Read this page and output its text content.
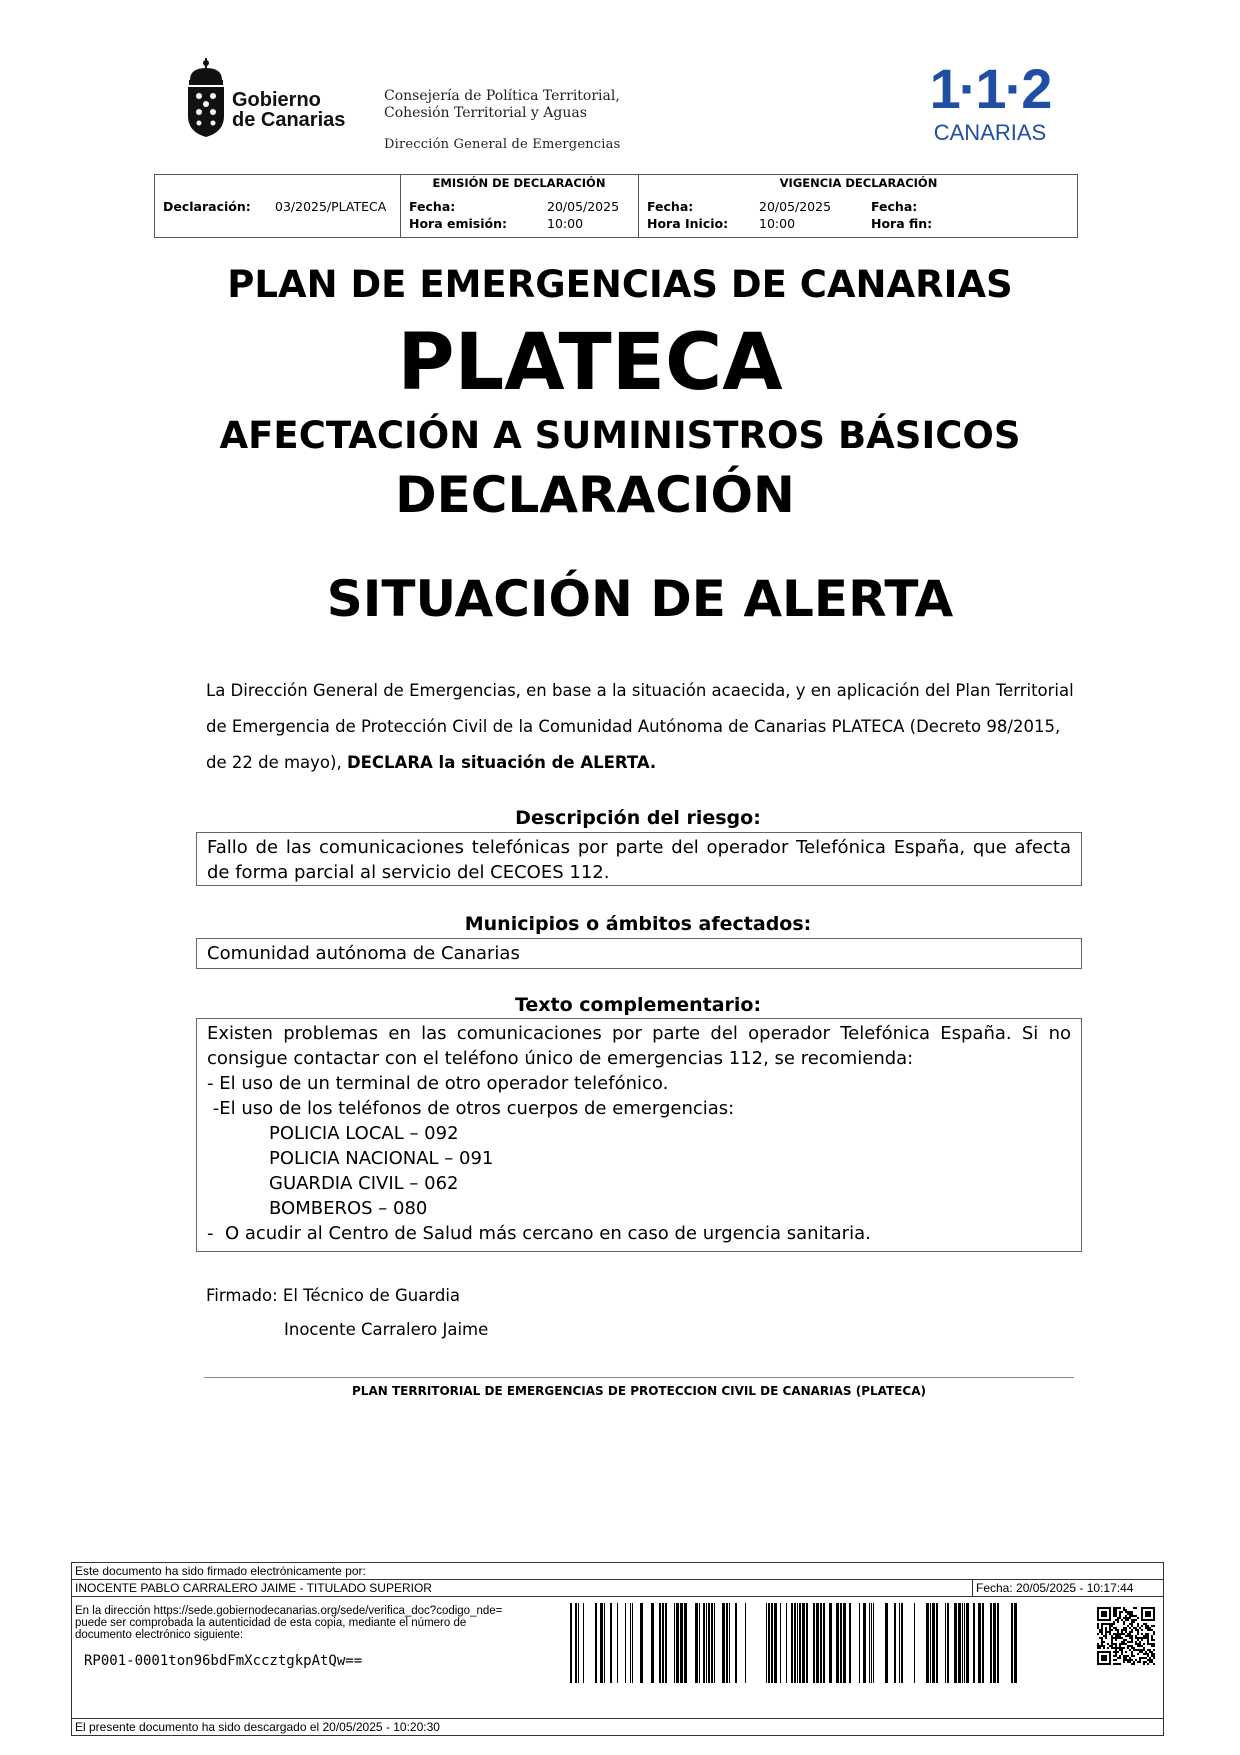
Gobierno
de Canarias
Consejería de Política Territorial,
Cohesión Territorial y Aguas
Dirección General de Emergencias
1·1·2
CANARIAS
Declaración: 03/2025/PLATECA
EMISIÓN DE DECLARACIÓN
Fecha:	20/05/2025
Hora emisión:	10:00
VIGENCIA DECLARACIÓN
Fecha:	20/05/2025
Hora Inicio: 10:00
Fecha:
Hora fin:
PLAN DE EMERGENCIAS DE CANARIAS
PLATECA
AFECTACIÓN A SUMINISTROS BÁSICOS
DECLARACIÓN
SITUACIÓN DE ALERTA
La Dirección General de Emergencias, en base a la situación acaecida, y en aplicación del Plan Territorial de Emergencia de Protección Civil de la Comunidad Autónoma de Canarias PLATECA (Decreto 98/2015, de 22 de mayo), DECLARA la situación de ALERTA.
Descripción del riesgo:
Fallo de las comunicaciones telefónicas por parte del operador Telefónica España, que afecta de forma parcial al servicio del CECOES 112.
Municipios o ámbitos afectados:
Comunidad autónoma de Canarias
Texto complementario:
Existen problemas en las comunicaciones por parte del operador Telefónica España. Si no consigue contactar con el teléfono único de emergencias 112, se recomienda:
- El uso de un terminal de otro operador telefónico.
-El uso de los teléfonos de otros cuerpos de emergencias:
POLICIA LOCAL – 092
POLICIA NACIONAL – 091
GUARDIA CIVIL – 062
BOMBEROS – 080
-  O acudir al Centro de Salud más cercano en caso de urgencia sanitaria.
Firmado: El Técnico de Guardia
Inocente Carralero Jaime
PLAN TERRITORIAL DE EMERGENCIAS DE PROTECCION CIVIL DE CANARIAS (PLATECA)
Este documento ha sido firmado electrónicamente por:
INOCENTE PABLO CARRALERO JAIME - TITULADO SUPERIOR	Fecha: 20/05/2025 - 10:17:44
En la dirección https://sede.gobiernodecanarias.org/sede/verifica_doc?codigo_nde=
puede ser comprobada la autenticidad de esta copia, mediante el número de
documento electrónico siguiente:
RP001-0001ton96bdFmXccztgkpAtQw==
El presente documento ha sido descargado el 20/05/2025 - 10:20:30
